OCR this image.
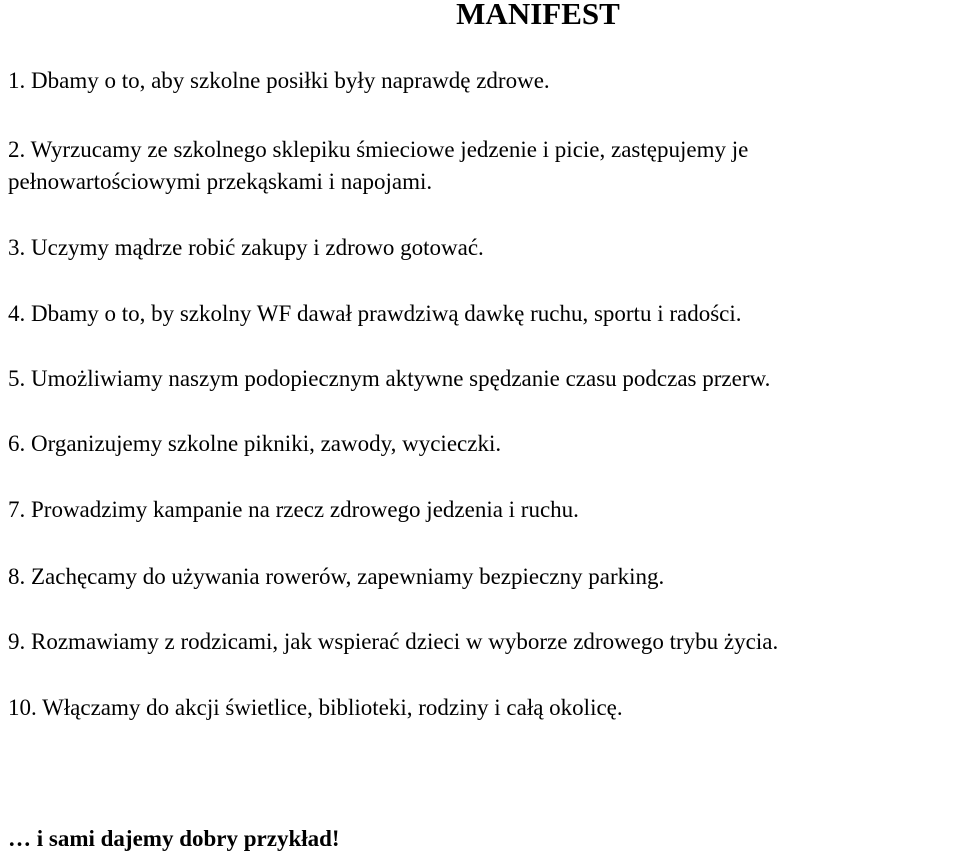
MANIFEST
1. Dbamy o to, aby szkolne posiłki były naprawdę zdrowe.
2. Wyrzucamy ze szkolnego sklepiku śmieciowe jedzenie i picie, zastępujemy je
pełnowartościowymi przekąskami i napojami.
3. Uczymy mądrze robić zakupy i zdrowo gotować.
4. Dbamy o to, by szkolny WF dawał prawdziwą dawkę ruchu, sportu i radości.
5. Umożliwiamy naszym podopiecznym aktywne spędzanie czasu podczas przerw.
6. Organizujemy szkolne pikniki, zawody, wycieczki.
7. Prowadzimy kampanie na rzecz zdrowego jedzenia i ruchu.
8. Zachęcamy do używania rowerów, zapewniamy bezpieczny parking.
9. Rozmawiamy z rodzicami, jak wspierać dzieci w wyborze zdrowego trybu życia.
10. Włączamy do akcji świetlice, biblioteki, rodziny i całą okolicę.
… i sami dajemy dobry przykład!
